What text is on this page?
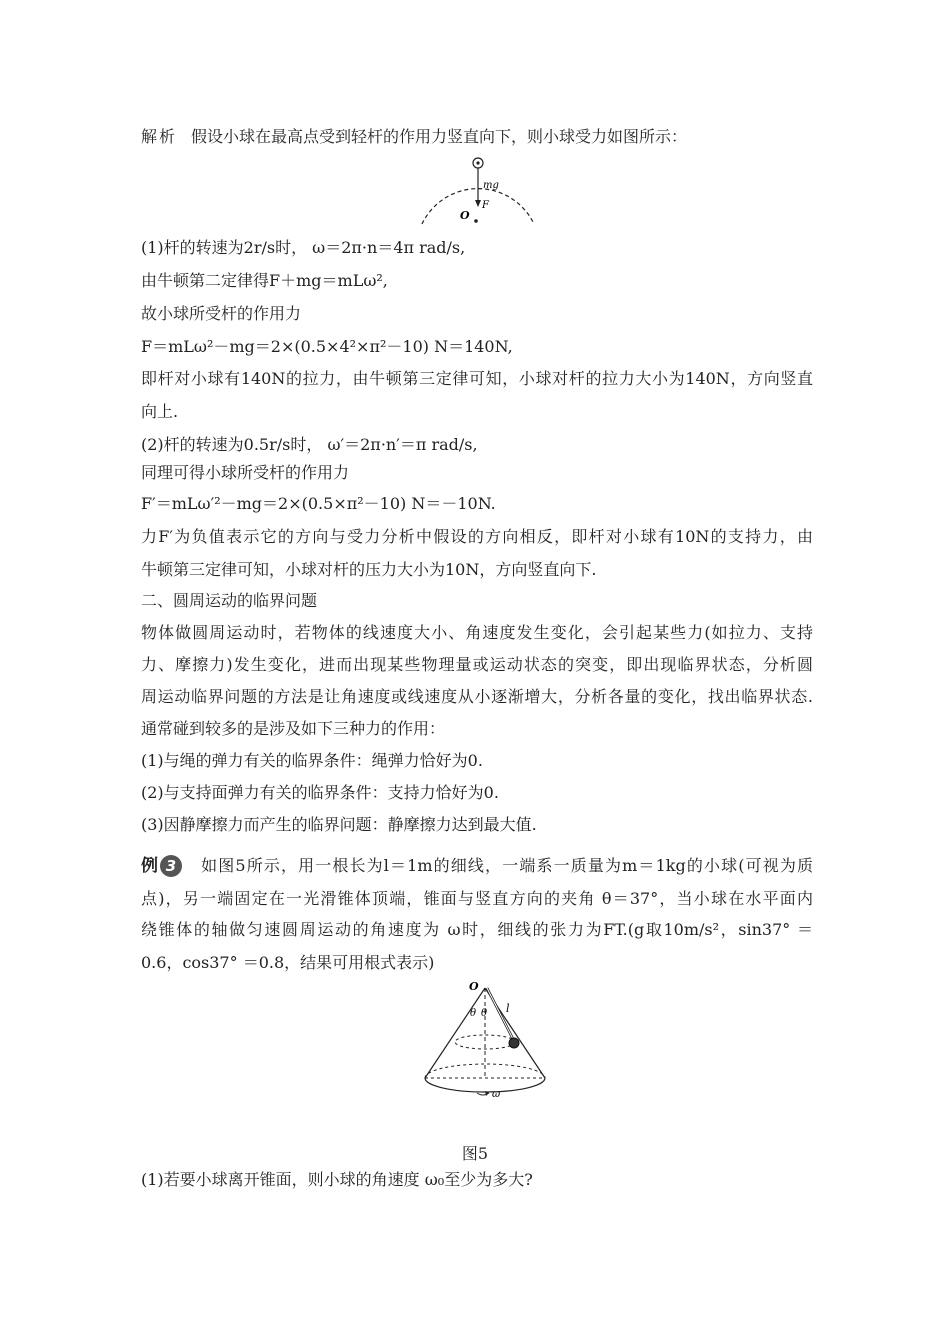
解析 假设小球在最高点受到轻杆的作用力竖直向下，则小球受力如图所示：
mg
F
O
(1)杆的转速为2r/s时， ω＝2π·n＝4π rad/s,
由牛顿第二定律得F＋mg＝mLω²,
故小球所受杆的作用力
F＝mLω²－mg＝2×(0.5×4²×π²－10) N＝140N,
即杆对小球有140N的拉力，由牛顿第三定律可知，小球对杆的拉力大小为140N，方向竖直
向上.
(2)杆的转速为0.5r/s时， ω′＝2π·n′＝π rad/s,
同理可得小球所受杆的作用力
F′＝mLω′²－mg＝2×(0.5×π²－10) N＝－10N.
力F′为负值表示它的方向与受力分析中假设的方向相反，即杆对小球有10N的支持力，由
牛顿第三定律可知，小球对杆的压力大小为10N，方向竖直向下.
二、圆周运动的临界问题
物体做圆周运动时，若物体的线速度大小、角速度发生变化，会引起某些力(如拉力、支持
力、摩擦力)发生变化，进而出现某些物理量或运动状态的突变，即出现临界状态，分析圆
周运动临界问题的方法是让角速度或线速度从小逐渐增大，分析各量的变化，找出临界状态.
通常碰到较多的是涉及如下三种力的作用：
(1)与绳的弹力有关的临界条件：绳弹力恰好为0.
(2)与支持面弹力有关的临界条件：支持力恰好为0.
(3)因静摩擦力而产生的临界问题：静摩擦力达到最大值.
例 3	如图5所示，用一根长为l＝1m的细线，一端系一质量为m＝1kg的小球(可视为质
点)，另一端固定在一光滑锥体顶端，锥面与竖直方向的夹角 θ＝37°，当小球在水平面内
绕锥体的轴做匀速圆周运动的角速度为 ω时，细线的张力为FT.(g取10m/s²，sin37° ＝
0.6，cos37° ＝0.8，结果可用根式表示)
O
θ θ l
ω
图5
(1)若要小球离开锥面，则小球的角速度 ω₀至少为多大?
